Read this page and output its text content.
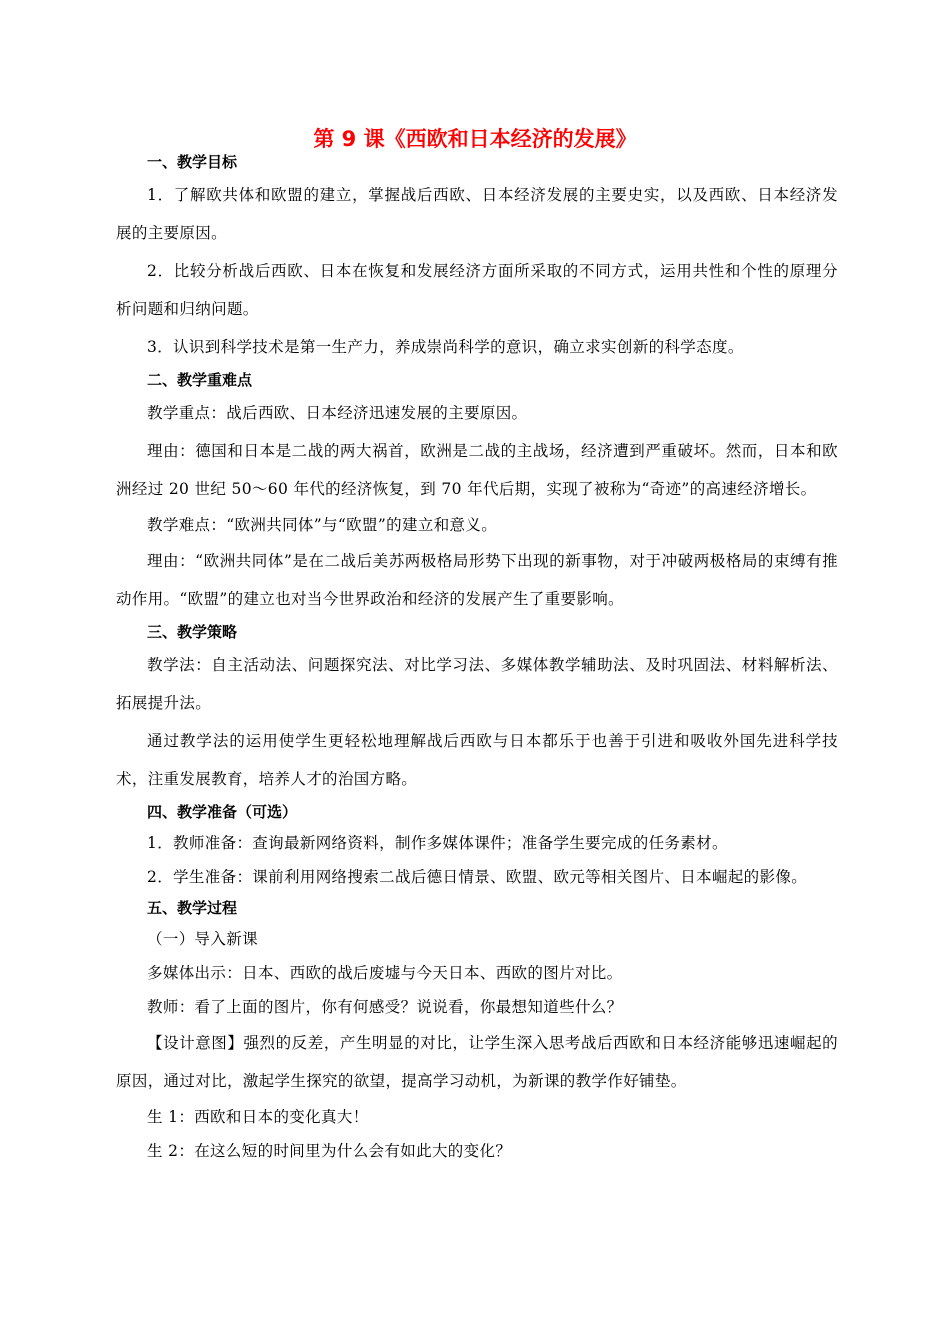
第 9 课《西欧和日本经济的发展》
一、教学目标

1．了解欧共体和欧盟的建立，掌握战后西欧、日本经济发展的主要史实，以及西欧、日本经济发展的主要原因。

2．比较分析战后西欧、日本在恢复和发展经济方面所采取的不同方式，运用共性和个性的原理分析问题和归纳问题。

3．认识到科学技术是第一生产力，养成崇尚科学的意识，确立求实创新的科学态度。

二、教学重难点

教学重点：战后西欧、日本经济迅速发展的主要原因。

理由：德国和日本是二战的两大祸首，欧洲是二战的主战场，经济遭到严重破坏。然而，日本和欧洲经过 20 世纪 50～60 年代的经济恢复，到 70 年代后期，实现了被称为“奇迹”的高速经济增长。

教学难点：“欧洲共同体”与“欧盟”的建立和意义。

理由：“欧洲共同体”是在二战后美苏两极格局形势下出现的新事物，对于冲破两极格局的束缚有推动作用。“欧盟”的建立也对当今世界政治和经济的发展产生了重要影响。

三、教学策略

教学法：自主活动法、问题探究法、对比学习法、多媒体教学辅助法、及时巩固法、材料解析法、拓展提升法。

通过教学法的运用使学生更轻松地理解战后西欧与日本都乐于也善于引进和吸收外国先进科学技术，注重发展教育，培养人才的治国方略。

四、教学准备（可选）

1．教师准备：查询最新网络资料，制作多媒体课件；准备学生要完成的任务素材。

2．学生准备：课前利用网络搜索二战后德日情景、欧盟、欧元等相关图片、日本崛起的影像。

五、教学过程

（一）导入新课

多媒体出示：日本、西欧的战后废墟与今天日本、西欧的图片对比。

教师：看了上面的图片，你有何感受？说说看，你最想知道些什么？

【设计意图】强烈的反差，产生明显的对比，让学生深入思考战后西欧和日本经济能够迅速崛起的原因，通过对比，激起学生探究的欲望，提高学习动机，为新课的教学作好铺垫。

生 1：西欧和日本的变化真大！

生 2：在这么短的时间里为什么会有如此大的变化？
